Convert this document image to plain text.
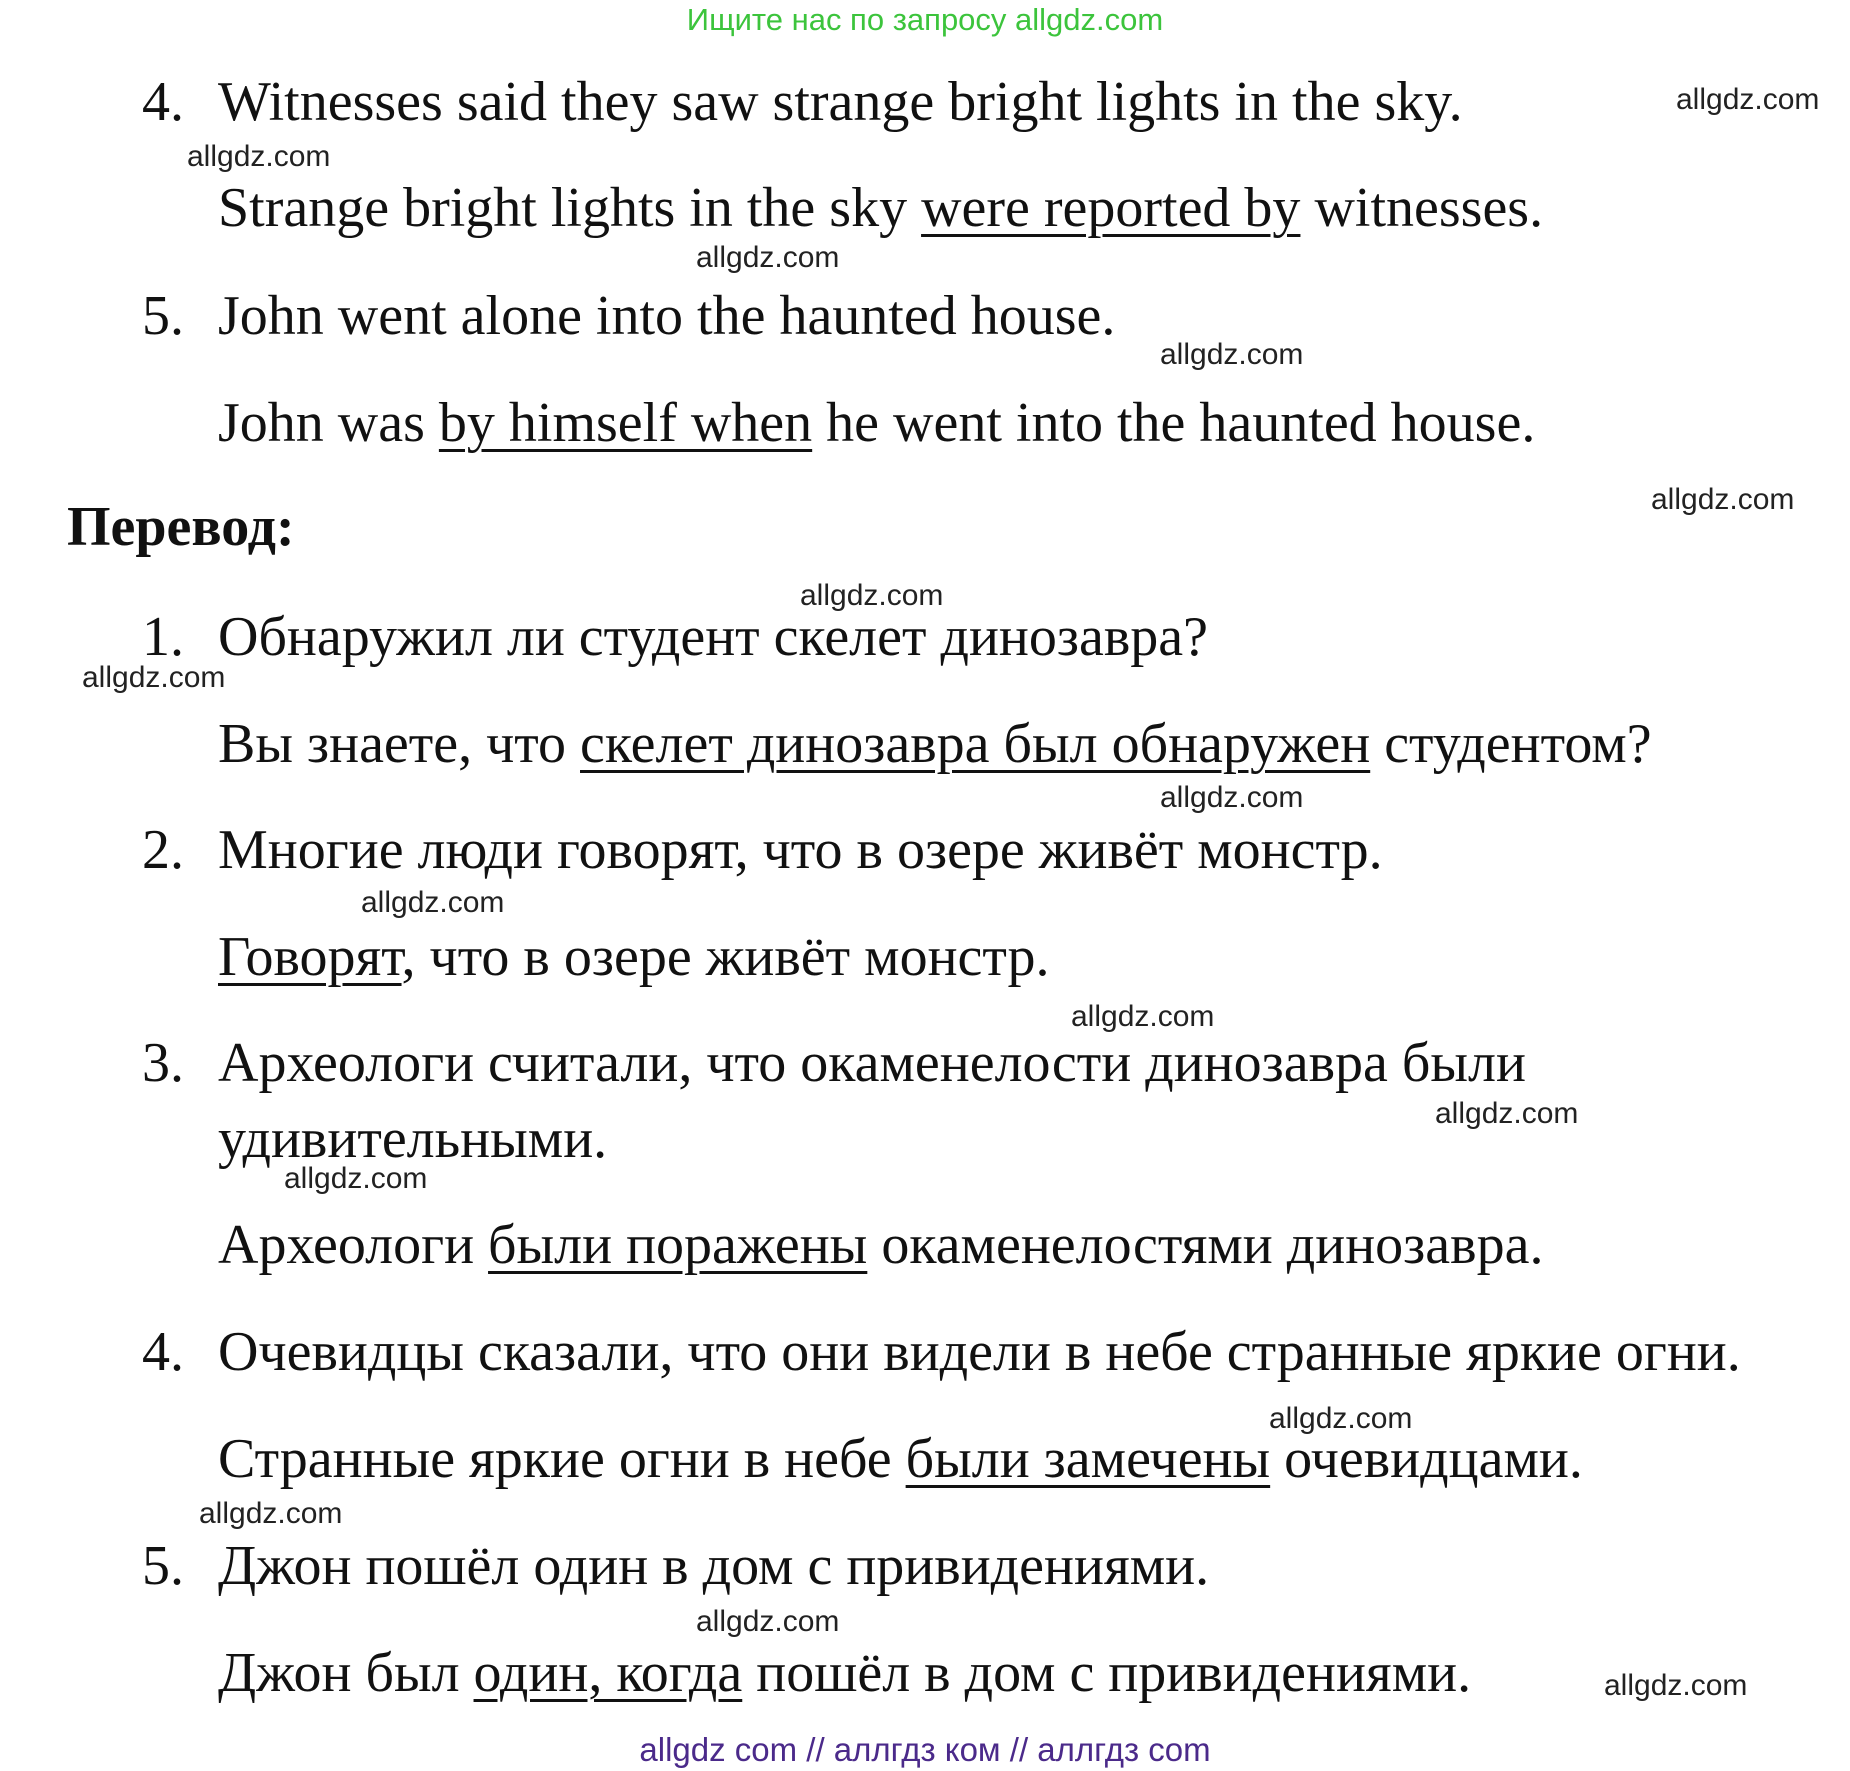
Ищите нас по запросу allgdz.com
4. Witnesses said they saw strange bright lights in the sky.
Strange bright lights in the sky were reported by witnesses.
5. John went alone into the haunted house.
John was by himself when he went into the haunted house.
Перевод:
1. Обнаружил ли студент скелет динозавра?
Вы знаете, что скелет динозавра был обнаружен студентом?
2. Многие люди говорят, что в озере живёт монстр.
Говорят, что в озере живёт монстр.
3. Археологи считали, что окаменелости динозавра были
удивительными.
Археологи были поражены окаменелостями динозавра.
4. Очевидцы сказали, что они видели в небе странные яркие огни.
Странные яркие огни в небе были замечены очевидцами.
5. Джон пошёл один в дом с привидениями.
Джон был один, когда пошёл в дом с привидениями.
allgdz.com
allgdz.com
allgdz.com
allgdz.com
allgdz.com
allgdz.com
allgdz.com
allgdz.com
allgdz.com
allgdz.com
allgdz.com
allgdz.com
allgdz.com
allgdz.com
allgdz.com
allgdz.com
allgdz com // аллгдз ком // аллгдз com
